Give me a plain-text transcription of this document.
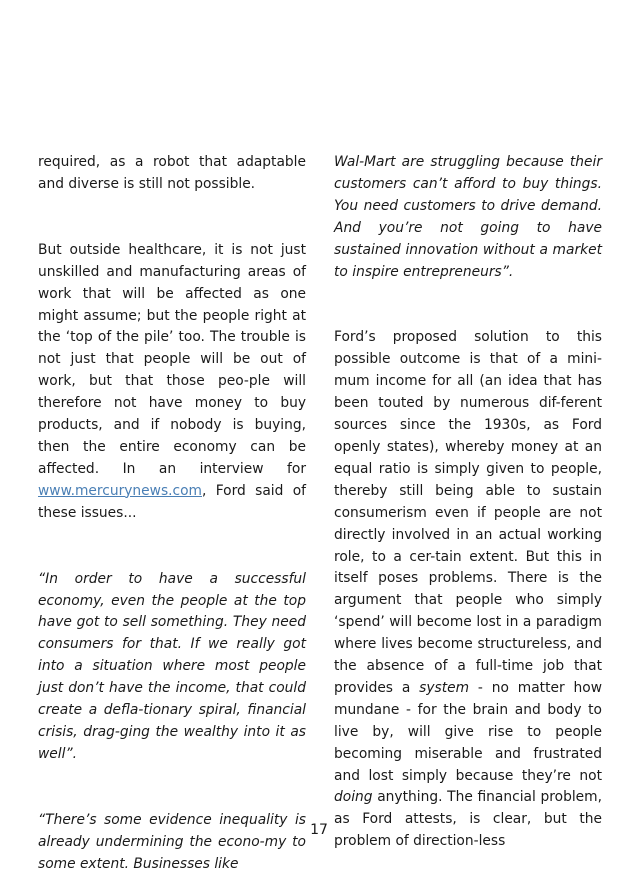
required, as a robot that adaptable and diverse is still not possible.

But outside healthcare, it is not just unskilled and manufacturing areas of work that will be affected as one might assume; but the people right at the ‘top of the pile’ too. The trouble is not just that people will be out of work, but that those peo-ple will therefore not have money to buy products, and if nobody is buying, then the entire economy can be affected. In an interview for www.mercurynews.com, Ford said of these issues...

“In order to have a successful economy, even the people at the top have got to sell something. They need consumers for that. If we really got into a situation where most people just don’t have the income, that could create a defla-tionary spiral, financial crisis, drag-ging the wealthy into it as well”.

“There’s some evidence inequality is already undermining the econo-my to some extent. Businesses like

Wal-Mart are struggling because their customers can’t afford to buy things. You need customers to drive demand. And you’re not going to have sustained innovation without a market to inspire entrepreneurs”.

Ford’s proposed solution to this possible outcome is that of a mini-mum income for all (an idea that has been touted by numerous dif-ferent sources since the 1930s, as Ford openly states), whereby money at an equal ratio is simply given to people, thereby still being able to sustain consumerism even if people are not directly involved in an actual working role, to a cer-tain extent. But this in itself poses problems. There is the argument that people who simply ‘spend’ will become lost in a paradigm where lives become structureless, and the absence of a full-time job that provides a system - no matter how mundane - for the brain and body to live by, will give rise to people becoming miserable and frustrated and lost simply because they’re not doing anything. The financial problem, as Ford attests, is clear, but the problem of direction-less

17
